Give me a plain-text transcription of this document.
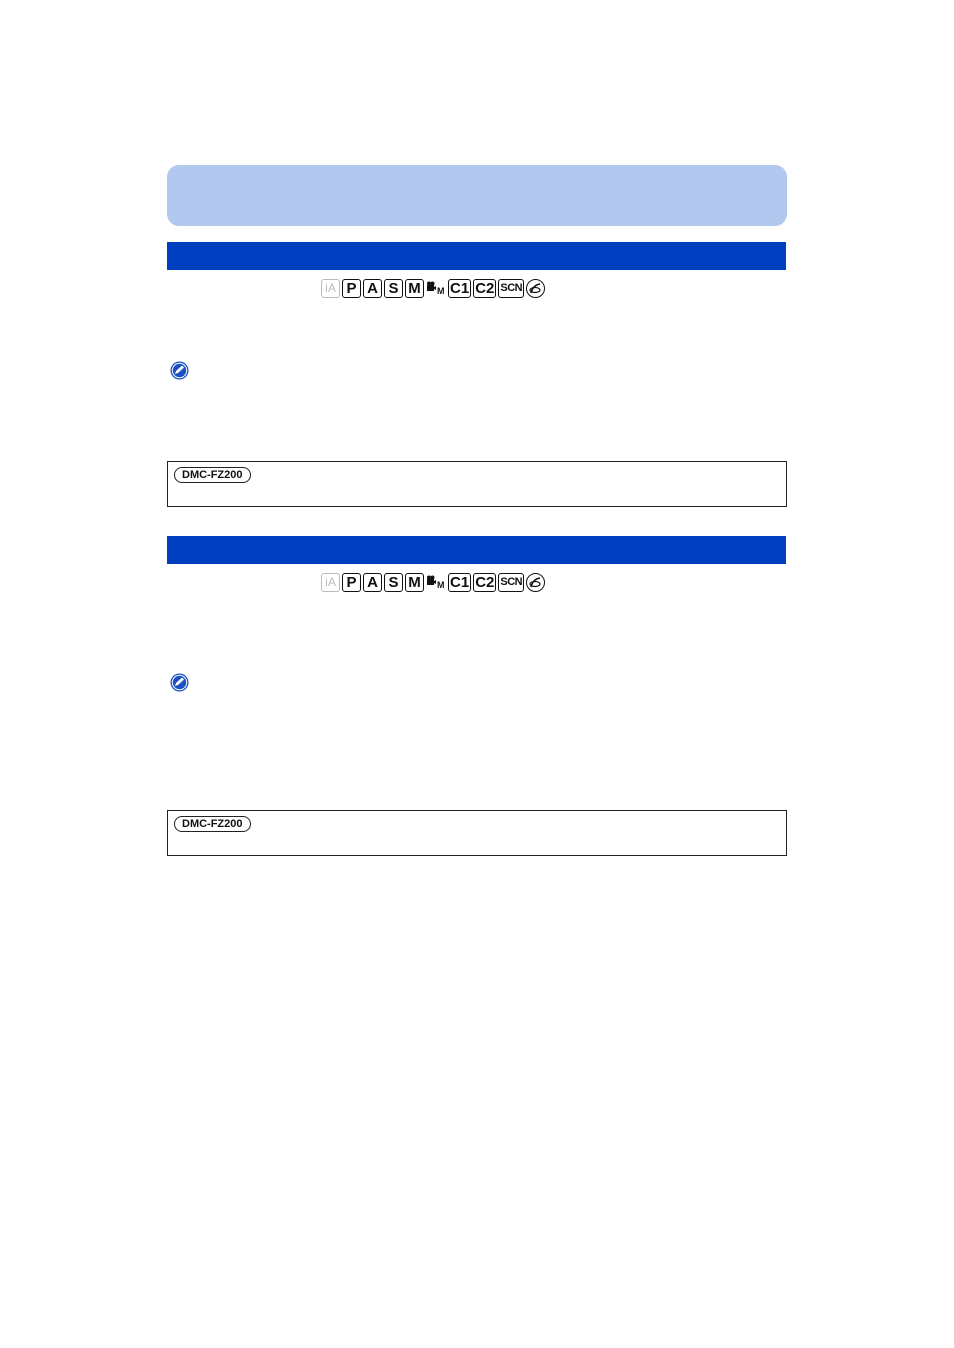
iA P A S M	M C1 C2 SCN
DMC-FZ200
iA P A S M	M C1 C2 SCN
DMC-FZ200
